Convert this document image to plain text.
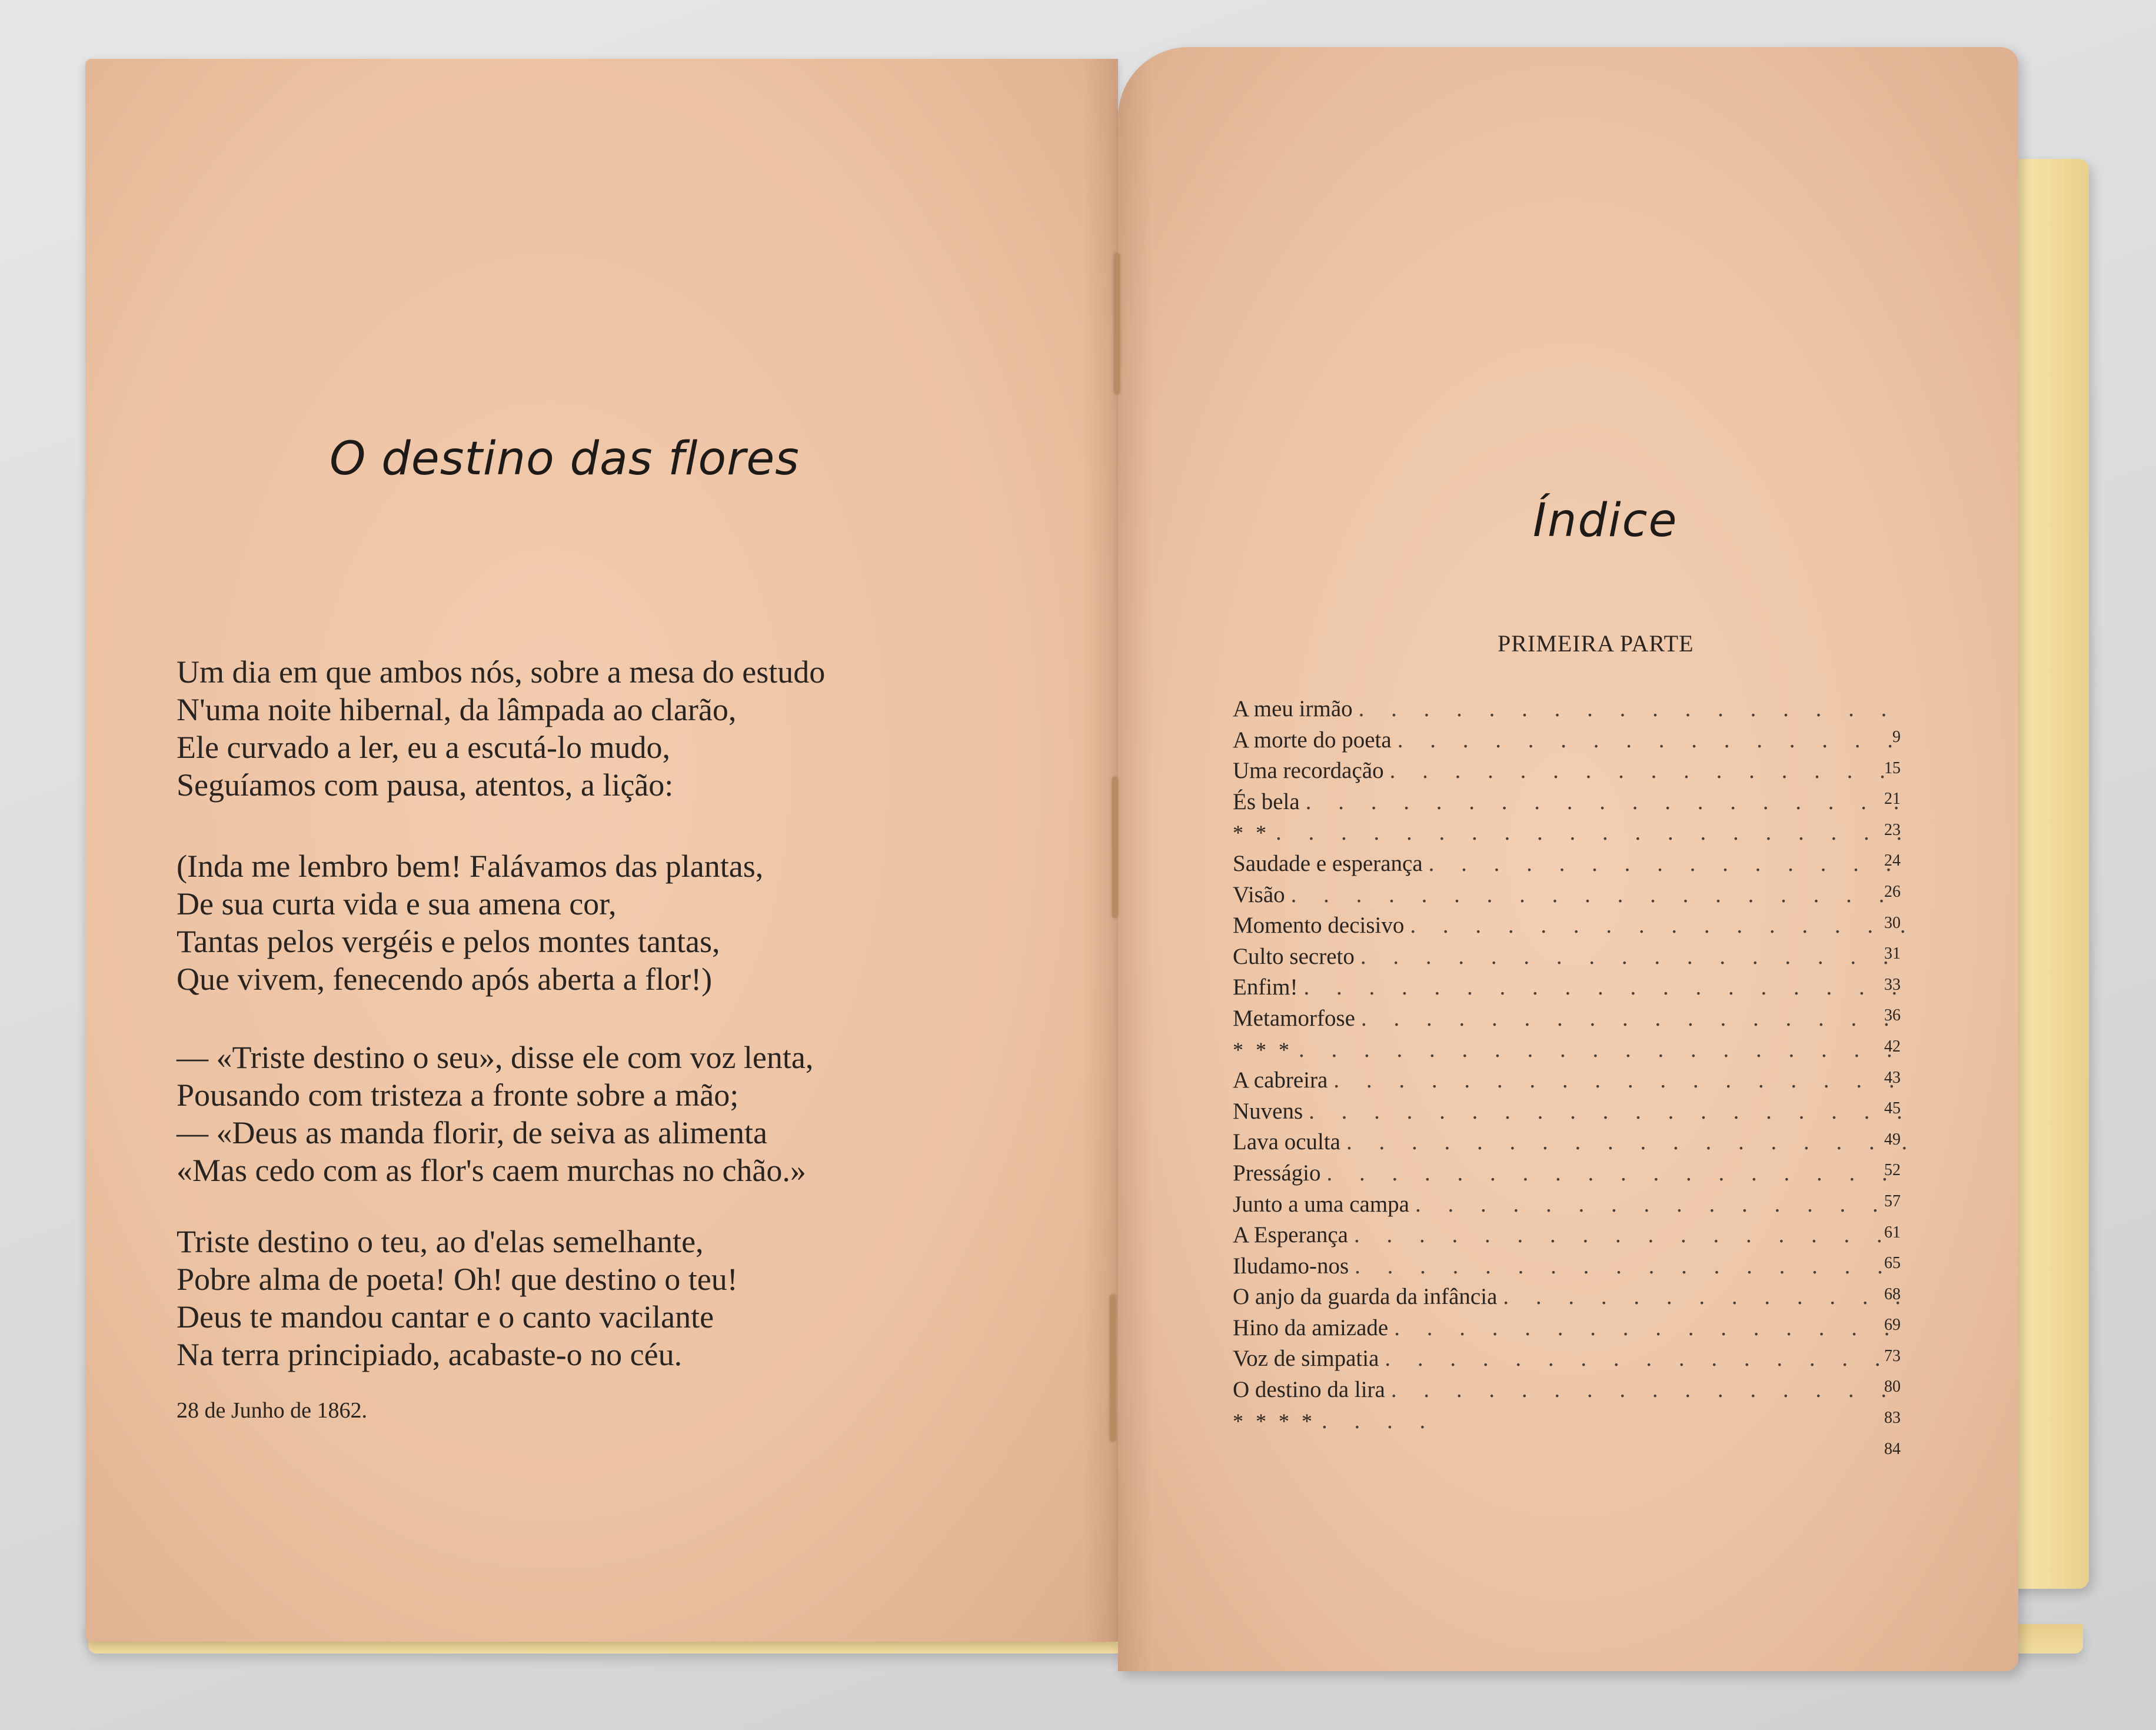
O destino das flores
Um dia em que ambos nós, sobre a mesa do estudo
N'uma noite hibernal, da lâmpada ao clarão,
Ele curvado a ler, eu a escutá-lo mudo,
Seguíamos com pausa, atentos, a lição:
(Inda me lembro bem! Falávamos das plantas,
De sua curta vida e sua amena cor,
Tantas pelos vergéis e pelos montes tantas,
Que vivem, fenecendo após aberta a flor!)
— «Triste destino o seu», disse ele com voz lenta,
Pousando com tristeza a fronte sobre a mão;
— «Deus as manda florir, de seiva as alimenta
«Mas cedo com as flor's caem murchas no chão.»
Triste destino o teu, ao d'elas semelhante,
Pobre alma de poeta! Oh! que destino o teu!
Deus te mandou cantar e o canto vacilante
Na terra principiado, acabaste-o no céu.
28 de Junho de 1862.
Índice
PRIMEIRA PARTE
A meu irmão
. . .
A morte do poeta
. . .
Uma recordação
. . .
És bela
. . .
* *
. . .
Saudade e esperança
. . .
Visão
. . .
Momento decisivo
. . .
Culto secreto
. . .
Enfim!
. . .
Metamorfose
. . .
* * *
. . .
A cabreira
. . .
Nuvens
. . .
Lava oculta
. . .
Presságio
. . .
Junto a uma campa
. . .
A Esperança
. . .
Iludamo-nos
. . .
O anjo da guarda da infância
. . .
Hino da amizade
. . .
Voz de simpatia
. . .
O destino da lira
. . .
* * * *
. . .
9
15
21
23
24
26
30
31
33
36
42
43
45
49
52
57
61
65
68
69
73
80
83
84
